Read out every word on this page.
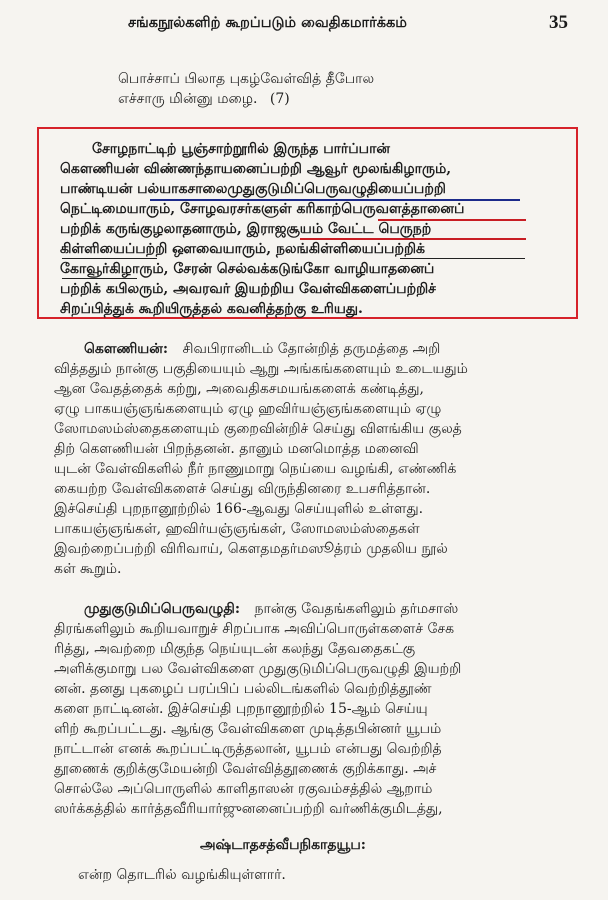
சங்கநூல்களிற் கூறப்படும் வைதிகமார்க்கம்	35
பொச்சாப் பிலாத புகழ்வேள்வித் தீபோல
எச்சாரு மின்னு மழை. (7)
சோழநாட்டிற் பூஞ்சாற்றூரில் இருந்த பார்ப்பான்
கௌணியன் விண்ணந்தாயனைப்பற்றி ஆவூர் மூலங்கிழாரும்,
பாண்டியன் பல்யாகசாலைமுதுகுடுமிப்பெருவழுதியைப்பற்றி
நெட்டிமையாரும், சோழவரசர்களுள் கரிகாற்பெருவளத்தானைப்
பற்றிக் கருங்குழலாதனாரும், இராஜசூயம் வேட்ட பெருநற்
கிள்ளியைப்பற்றி ஔவையாரும், நலங்கிள்ளியைப்பற்றிக்
கோவூர்கிழாரும், சேரன் செல்வக்கடுங்கோ வாழியாதனைப்
பற்றிக் கபிலரும், அவரவர் இயற்றிய வேள்விகளைப்பற்றிச்
சிறப்பித்துக் கூறியிருத்தல் கவனித்தற்கு உரியது.
கௌணியன்: சிவபிரானிடம் தோன்றித் தருமத்தை அறி
வித்ததும் நான்கு பகுதியையும் ஆறு அங்கங்களையும் உடையதும்
ஆன வேதத்தைக் கற்று, அவைதிகசமயங்களைக் கண்டித்து,
ஏழு பாகயஞ்ஞங்களையும் ஏழு ஹவிர்யஞ்ஞங்களையும் ஏழு
ஸோமஸம்ஸ்தைகளையும் குறைவின்றிச் செய்து விளங்கிய குலத்
திற் கௌணியன் பிறந்தனன். தானும் மனமொத்த மனைவி
யுடன் வேள்விகளில் நீர் நாணுமாறு நெய்யை வழங்கி, எண்ணிக்
கையற்ற வேள்விகளைச் செய்து விருந்தினரை உபசரித்தான்.
இச்செய்தி புறநானூற்றில் 166-ஆவது செய்யுளில் உள்ளது.
பாகயஞ்ஞங்கள், ஹவிர்யஞ்ஞங்கள், ஸோமஸம்ஸ்தைகள்
இவற்றைப்பற்றி விரிவாய், கௌதமதர்மஸூத்ரம் முதலிய நூல்
கள் கூறும்.
முதுகுடுமிப்பெருவழுதி: நான்கு வேதங்களிலும் தர்மசாஸ்
திரங்களிலும் கூறியவாறுச் சிறப்பாக அவிப்பொருள்களைச் சேக
ரித்து, அவற்றை மிகுந்த நெய்யுடன் கலந்து தேவதைகட்கு
அளிக்குமாறு பல வேள்விகளை முதுகுடுமிப்பெருவழுதி இயற்றி
னன். தனது புகழைப் பரப்பிப் பல்லிடங்களில் வெற்றித்தூண்
களை நாட்டினன். இச்செய்தி புறநானூற்றில் 15-ஆம் செய்யு
ளிற் கூறப்பட்டது. ஆங்கு வேள்விகளை முடித்தபின்னர் யூபம்
நாட்டான் எனக் கூறப்பட்டிருத்தலான், யூபம் என்பது வெற்றித்
தூணைக் குறிக்குமேயன்றி வேள்வித்தூணைக் குறிக்காது. அச்
சொல்லே அப்பொருளில் காளிதாஸன் ரகுவம்சத்தில் ஆறாம்
ஸர்க்கத்தில் கார்த்தவீரியார்ஜுனனைப்பற்றி வர்ணிக்குமிடத்து,
அஷ்டாதசத்வீபநிகாதயூப:
என்ற தொடரில் வழங்கியுள்ளார்.
